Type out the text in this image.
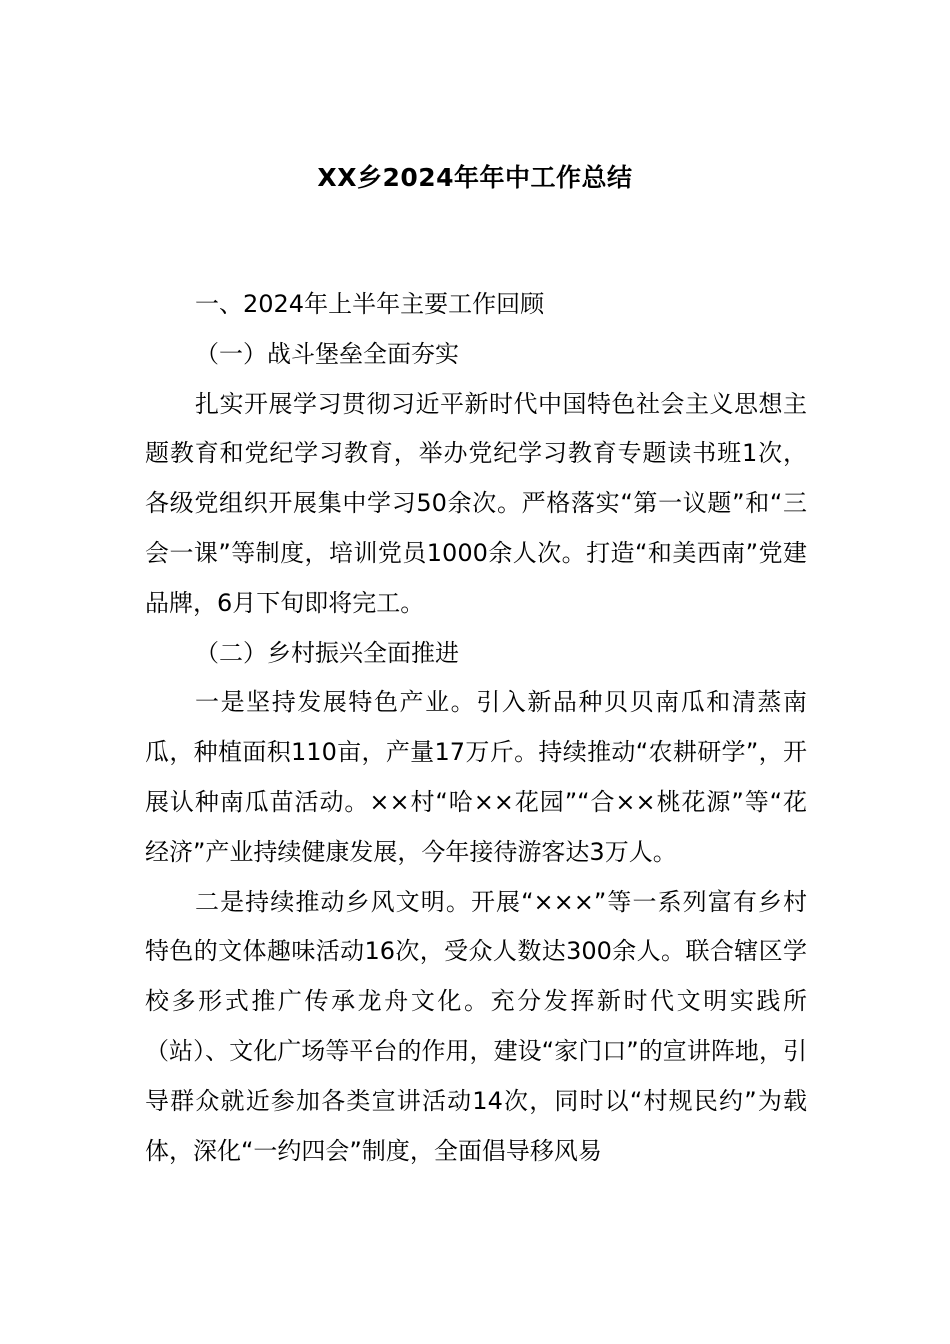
XX乡2024年年中工作总结

一、2024年上半年主要工作回顾

（一）战斗堡垒全面夯实

扎实开展学习贯彻习近平新时代中国特色社会主义思想主题教育和党纪学习教育，举办党纪学习教育专题读书班1次，各级党组织开展集中学习50余次。严格落实“第一议题”和“三会一课”等制度，培训党员1000余人次。打造“和美西南”党建品牌，6月下旬即将完工。

（二）乡村振兴全面推进

一是坚持发展特色产业。引入新品种贝贝南瓜和清蒸南瓜，种植面积110亩，产量17万斤。持续推动“农耕研学”，开展认种南瓜苗活动。××村“哈××花园”“合××桃花源”等“花经济”产业持续健康发展，今年接待游客达3万人。

二是持续推动乡风文明。开展“×××”等一系列富有乡村特色的文体趣味活动16次，受众人数达300余人。联合辖区学校多形式推广传承龙舟文化。充分发挥新时代文明实践所（站）、文化广场等平台的作用，建设“家门口”的宣讲阵地，引导群众就近参加各类宣讲活动14次，同时以“村规民约”为载体，深化“一约四会”制度，全面倡导移风易
